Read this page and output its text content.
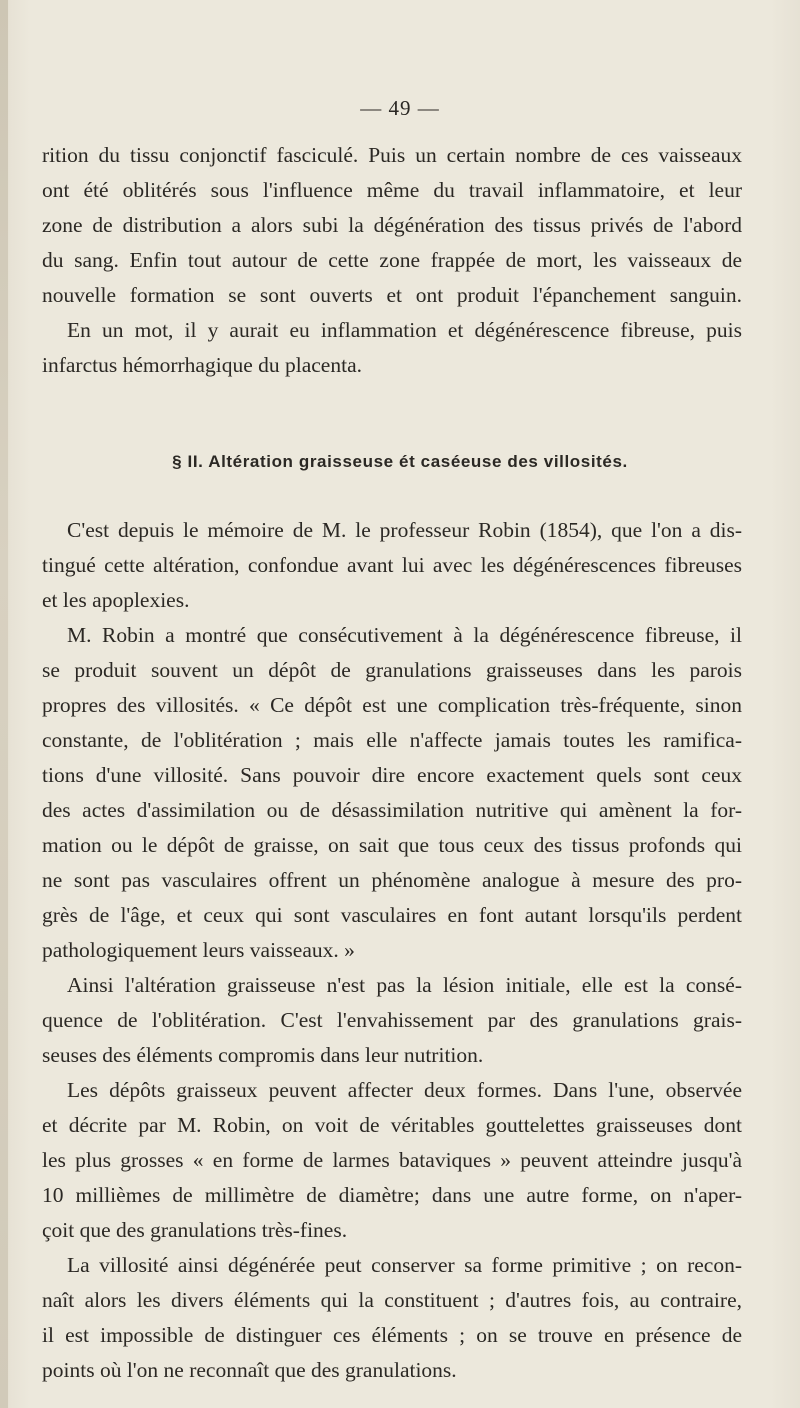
— 49 —
rition du tissu conjonctif fasciculé. Puis un certain nombre de ces vaisseaux
ont été oblitérés sous l'influence même du travail inflammatoire, et leur
zone de distribution a alors subi la dégénération des tissus privés de l'abord
du sang. Enfin tout autour de cette zone frappée de mort, les vaisseaux de
nouvelle formation se sont ouverts et ont produit l'épanchement sanguin.
En un mot, il y aurait eu inflammation et dégénérescence fibreuse, puis
infarctus hémorrhagique du placenta.
§ II. Altération graisseuse ét caséeuse des villosités.
C'est depuis le mémoire de M. le professeur Robin (1854), que l'on a dis-
tingué cette altération, confondue avant lui avec les dégénérescences fibreuses
et les apoplexies.
M. Robin a montré que consécutivement à la dégénérescence fibreuse, il
se produit souvent un dépôt de granulations graisseuses dans les parois
propres des villosités. « Ce dépôt est une complication très-fréquente, sinon
constante, de l'oblitération ; mais elle n'affecte jamais toutes les ramifica-
tions d'une villosité. Sans pouvoir dire encore exactement quels sont ceux
des actes d'assimilation ou de désassimilation nutritive qui amènent la for-
mation ou le dépôt de graisse, on sait que tous ceux des tissus profonds qui
ne sont pas vasculaires offrent un phénomène analogue à mesure des pro-
grès de l'âge, et ceux qui sont vasculaires en font autant lorsqu'ils perdent
pathologiquement leurs vaisseaux. »
Ainsi l'altération graisseuse n'est pas la lésion initiale, elle est la consé-
quence de l'oblitération. C'est l'envahissement par des granulations grais-
seuses des éléments compromis dans leur nutrition.
Les dépôts graisseux peuvent affecter deux formes. Dans l'une, observée
et décrite par M. Robin, on voit de véritables gouttelettes graisseuses dont
les plus grosses « en forme de larmes bataviques » peuvent atteindre jusqu'à
10 millièmes de millimètre de diamètre; dans une autre forme, on n'aper-
çoit que des granulations très-fines.
La villosité ainsi dégénérée peut conserver sa forme primitive ; on recon-
naît alors les divers éléments qui la constituent ; d'autres fois, au contraire,
il est impossible de distinguer ces éléments ; on se trouve en présence de
points où l'on ne reconnaît que des granulations.
